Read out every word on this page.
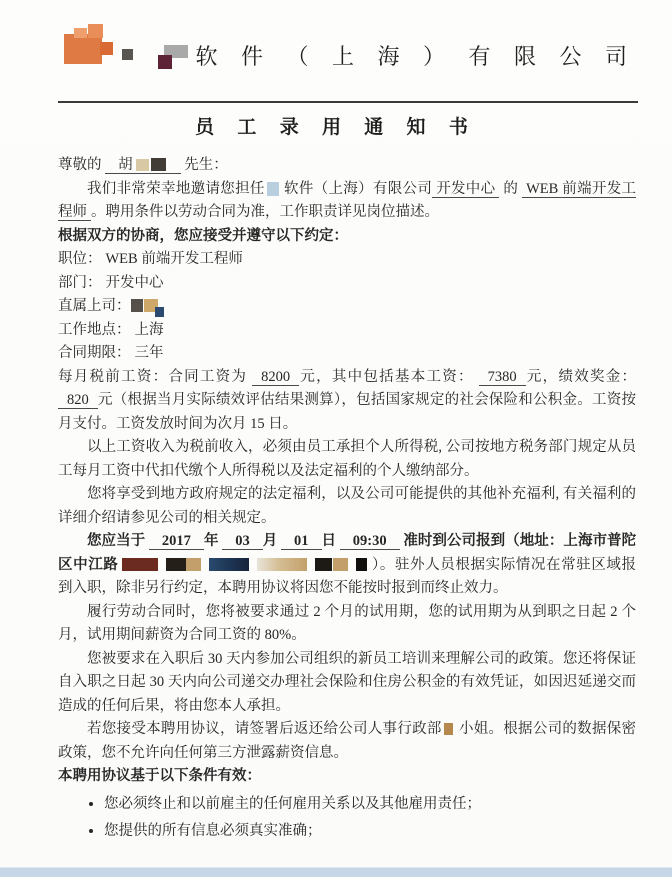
软 件 （ 上 海 ） 有 限 公 司
员 工 录 用 通 知 书

尊敬的 胡	先生：

我们非常荣幸地邀请您担任 软件（上海）有限公司 开发中心 的 WEB 前端开发工程师 。聘用条件以劳动合同为准，工作职责详见岗位描述。

根据双方的协商，您应接受并遵守以下约定：

职位： WEB 前端开发工程师

部门： 开发中心

直属上司：

工作地点： 上海

合同期限： 三年

每月税前工资：合同工资为 8200 元，其中包括基本工资： 7380 元，绩效奖金： 820 元（根据当月实际绩效评估结果测算），包括国家规定的社会保险和公积金。工资按月支付。工资发放时间为次月 15 日。

以上工资收入为税前收入，必须由员工承担个人所得税, 公司按地方税务部门规定从员工每月工资中代扣代缴个人所得税以及法定福利的个人缴纳部分。

您将享受到地方政府规定的法定福利，以及公司可能提供的其他补充福利, 有关福利的详细介绍请参见公司的相关规定。

您应当于 2017 年 03 月 01 日 09:30 准时到公司报到（地址：上海市普陀区中江路	）。驻外人员根据实际情况在常驻区域报到入职，除非另行约定，本聘用协议将因您不能按时报到而终止效力。

履行劳动合同时，您将被要求通过 2 个月的试用期，您的试用期为从到职之日起 2 个月，试用期间薪资为合同工资的 80%。

您被要求在入职后 30 天内参加公司组织的新员工培训来理解公司的政策。您还将保证自入职之日起 30 天内向公司递交办理社会保险和住房公积金的有效凭证，如因迟延递交而造成的任何后果，将由您本人承担。

若您接受本聘用协议，请签署后返还给公司人事行政部 小姐。根据公司的数据保密政策，您不允许向任何第三方泄露薪资信息。

本聘用协议基于以下条件有效：

• 您必须终止和以前雇主的任何雇用关系以及其他雇用责任；
• 您提供的所有信息必须真实准确；
